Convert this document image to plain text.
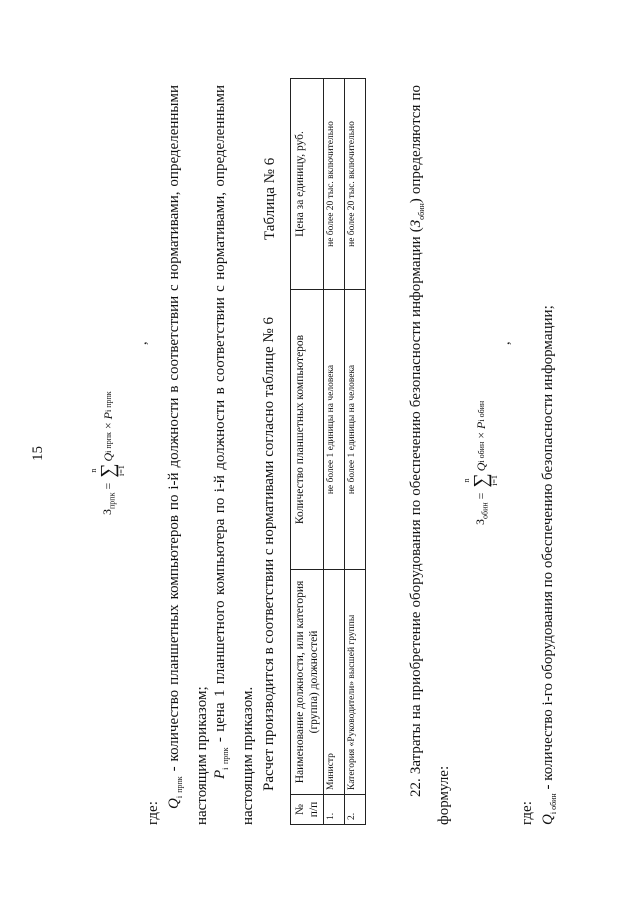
15
$З_{прпк}$
=
n ∑
i=1
Q
i прпк
×
P
i прпк
,
где: $Q_{i прпк}$ - количество планшетных компьютеров по i-й должности в соответствии с нормативами, определенными настоящим приказом; $P_{i прпк}$ - цена 1 планшетного компьютера по i-й должности в соответствии с нормативами, определенными настоящим приказом. Расчет производится в соответствии с нормативами согласно таблице № 6
Таблица № 6
№ п/п	Наименование должности, или категория (группа) должностей	Количество планшетных компьютеров	Цена за единицу, руб.
1.	Министр	не более 1 единицы на человека	не более 20 тыс. включительно
2.	Категория «Руководители» высшей группы	не более 1 единицы на человека	не более 20 тыс. включительно
22. Затраты на приобретение оборудования по обеспечению безопасности информации $(З_{обин})$ определяются по формуле:
$З_{обин}$
=
n ∑
i=1
Q
i обин
×
P
i обин
,
где: $Q_{i обин}$ - количество i-го оборудования по обеспечению безопасности информации;
